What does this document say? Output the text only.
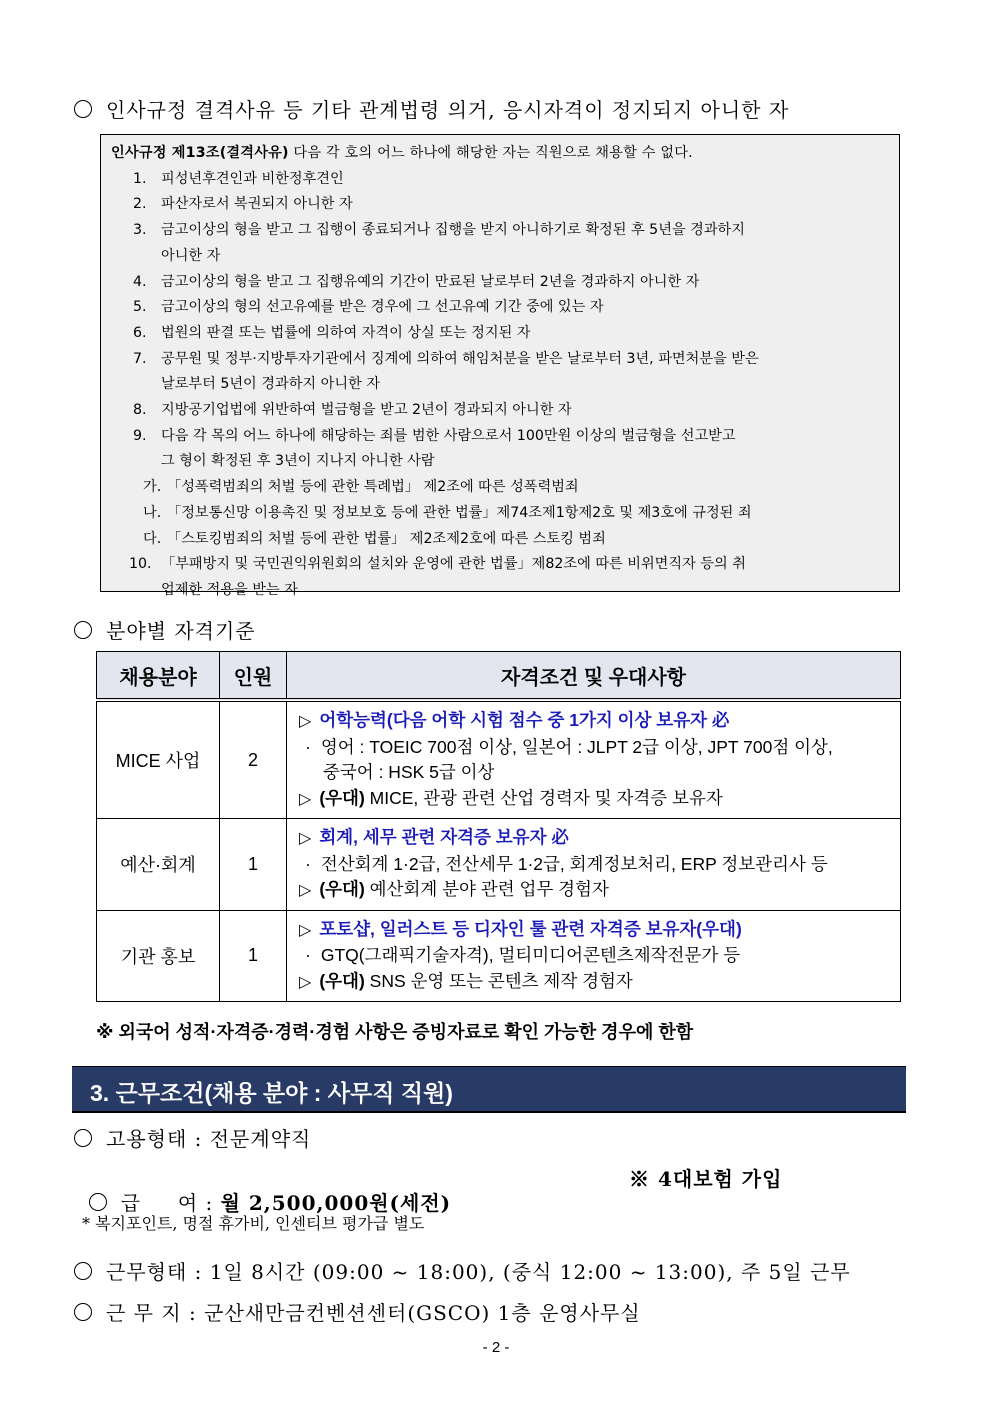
인사규정 결격사유 등 기타 관계법령 의거, 응시자격이 정지되지 아니한 자
인사규정 제13조(결격사유) 다음 각 호의 어느 하나에 해당한 자는 직원으로 채용할 수 없다.
1. 피성년후견인과 비한정후견인
2. 파산자로서 복권되지 아니한 자
3. 금고이상의 형을 받고 그 집행이 종료되거나 집행을 받지 아니하기로 확정된 후 5년을 경과하지
아니한 자
4. 금고이상의 형을 받고 그 집행유예의 기간이 만료된 날로부터 2년을 경과하지 아니한 자
5. 금고이상의 형의 선고유예를 받은 경우에 그 선고유예 기간 중에 있는 자
6. 법원의 판결 또는 법률에 의하여 자격이 상실 또는 정지된 자
7. 공무원 및 정부·지방투자기관에서 징계에 의하여 해임처분을 받은 날로부터 3년, 파면처분을 받은
날로부터 5년이 경과하지 아니한 자
8. 지방공기업법에 위반하여 벌금형을 받고 2년이 경과되지 아니한 자
9. 다음 각 목의 어느 하나에 해당하는 죄를 범한 사람으로서 100만원 이상의 벌금형을 선고받고
그 형이 확정된 후 3년이 지나지 아니한 사람
가. 「성폭력범죄의 처벌 등에 관한 특례법」 제2조에 따른 성폭력범죄
나. 「정보통신망 이용촉진 및 정보보호 등에 관한 법률」제74조제1항제2호 및 제3호에 규정된 죄
다. 「스토킹범죄의 처벌 등에 관한 법률」 제2조제2호에 따른 스토킹 범죄
10. 「부패방지 및 국민권익위원회의 설치와 운영에 관한 법률」제82조에 따른 비위면직자 등의 취
업제한 적용을 받는 자
분야별 자격기준
채용분야	인원	자격조건 및 우대사항
MICE 사업	2	▷ 어학능력(다음 어학 시험 점수 중 1가지 이상 보유자 必
· 영어 : TOEIC 700점 이상, 일본어 : JLPT 2급 이상, JPT 700점 이상,
중국어 : HSK 5급 이상
▷ (우대) MICE, 관광 관련 산업 경력자 및 자격증 보유자

예산·회계	1	▷ 회계, 세무 관련 자격증 보유자 必
· 전산회계 1·2급, 전산세무 1·2급, 회계정보처리, ERP 정보관리사 등
▷ (우대) 예산회계 분야 관련 업무 경험자

기관 홍보	1	▷ 포토샵, 일러스트 등 디자인 툴 관련 자격증 보유자(우대)
· GTQ(그래픽기술자격), 멀티미디어콘텐츠제작전문가 등
▷ (우대) SNS 운영 또는 콘텐츠 제작 경험자
※ 외국어 성적·자격증·경력·경험 사항은 증빙자료로 확인 가능한 경우에 한함
3. 근무조건(채용 분야 : 사무직 직원)
고용형태 : 전문계약직

급     여 : 월 2,500,000원(세전)

※ 4대보험 가입
* 복지포인트, 명절 휴가비, 인센티브 평가급 별도
근무형태 : 1일 8시간 (09:00 ~ 18:00), (중식 12:00 ~ 13:00), 주 5일 근무
근 무 지 : 군산새만금컨벤션센터(GSCO) 1층 운영사무실
- 2 -
